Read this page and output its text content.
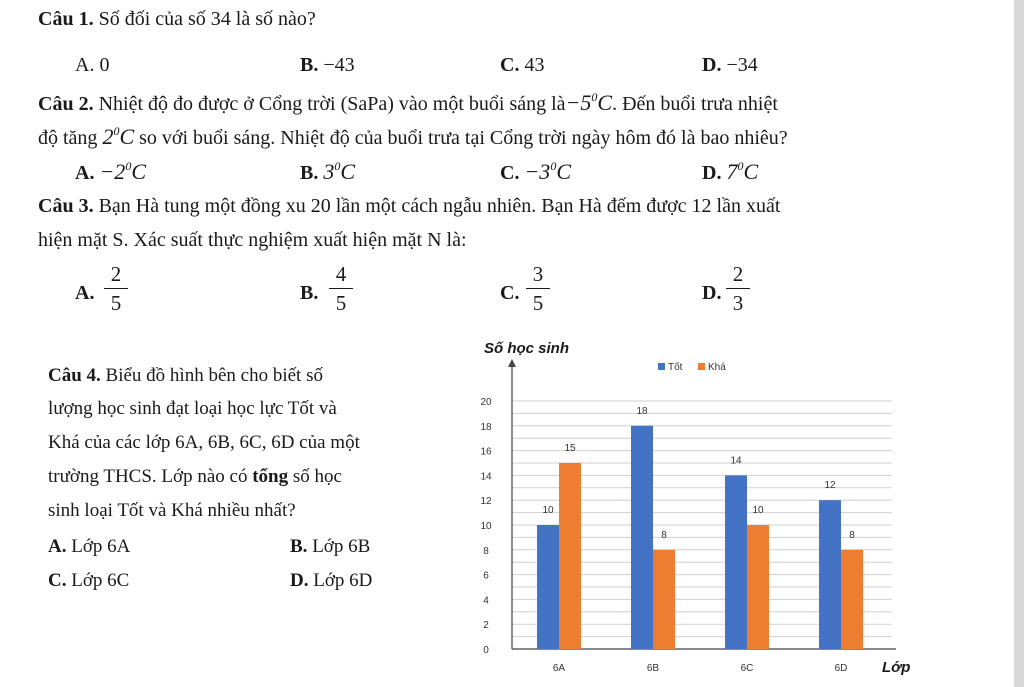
Câu 1. Số đối của số 34 là số nào?
A. 0	B. −43	C. 43	D. −34
Câu 2. Nhiệt độ đo được ở Cổng trời (SaPa) vào một buổi sáng $là-5^0C$. Đến buổi trưa nhiệt
độ tăng $2^0C$ so với buổi sáng. Nhiệt độ của buổi trưa tại Cổng trời ngày hôm đó là bao nhiêu?
A. $-2^0C$	B. $3^0C$	C. $-3^0C$	D. $7^0C$
Câu 3. Bạn Hà tung một đồng xu 20 lần một cách ngẫu nhiên. Bạn Hà đếm được 12 lần xuất
hiện mặt S. Xác suất thực nghiệm xuất hiện mặt N là:
A.
2
5	B.
4
5	C.
3
5	D.
2
3
Câu 4. Biểu đồ hình bên cho biết số
lượng học sinh đạt loại học lực Tốt và
Khá của các lớp 6A, 6B, 6C, 6D của một
trường THCS. Lớp nào có tổng số học
sinh loại Tốt và Khá nhiều nhất?
A. Lớp 6A	B. Lớp 6B
C. Lớp 6C	D. Lớp 6D
0
2
4
6
8
10
12
14
16
18
20
10
15
6A
18
8
6B
14
10
6C
12
8
6D
Số học sinh
Lớp
Tốt	Khá
